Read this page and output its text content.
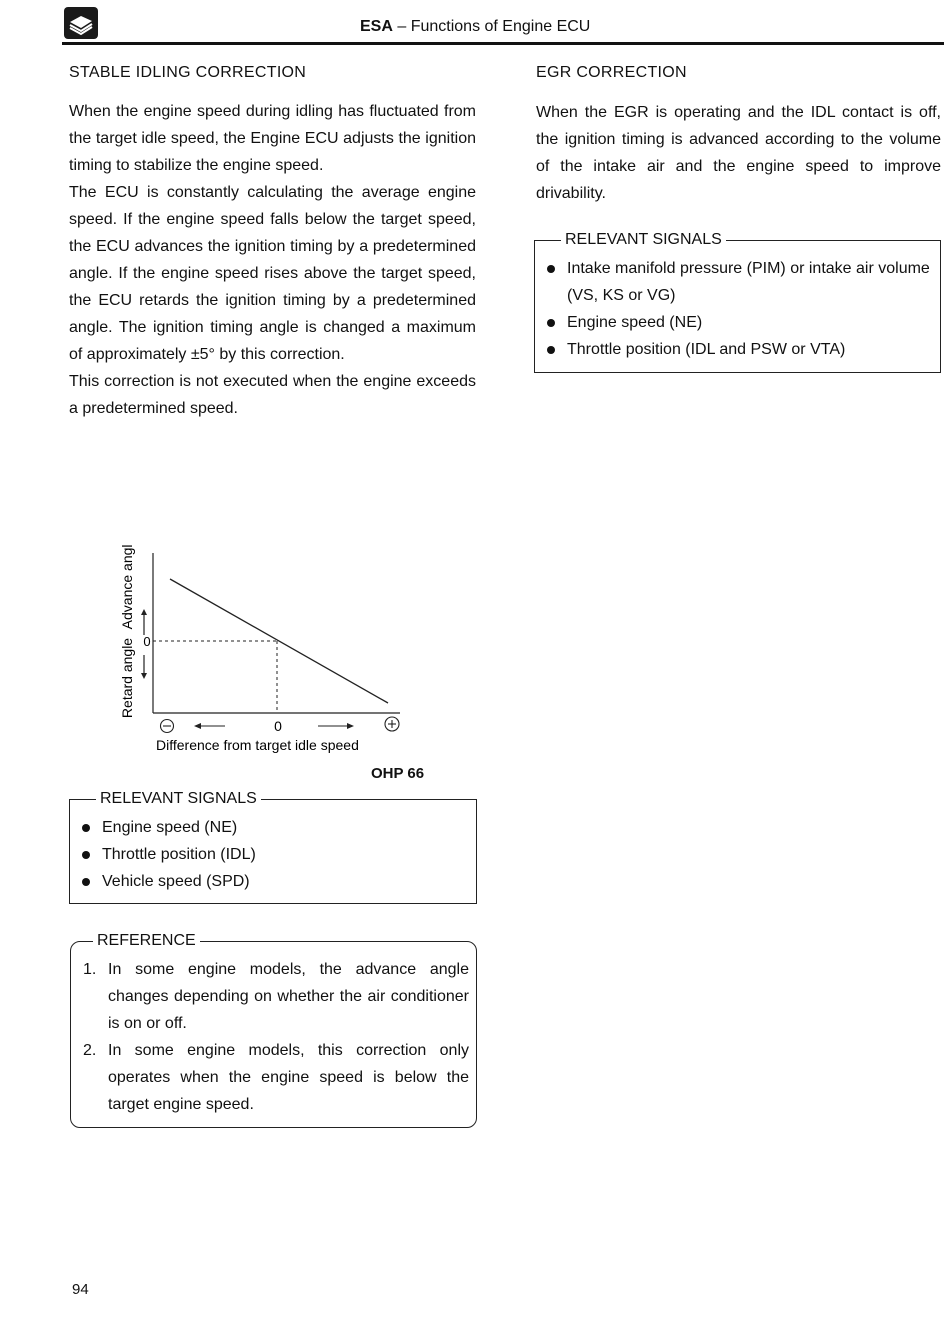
ESA – Functions of Engine ECU
STABLE IDLING CORRECTION
When the engine speed during idling has fluctuated from the target idle speed, the Engine ECU adjusts the ignition timing to stabilize the engine speed.
The ECU is constantly calculating the average engine speed. If the engine speed falls below the target speed, the ECU advances the ignition timing by a predetermined angle. If the engine speed rises above the target speed, the ECU retards the ignition timing by a predetermined angle. The ignition timing angle is changed a maximum of approximately ±5° by this correction.
This correction is not executed when the engine exceeds a predetermined speed.
EGR CORRECTION
When the EGR is operating and the IDL contact is off, the ignition timing is advanced according to the volume of the intake air and the engine speed to improve drivability.
RELEVANT SIGNALS
Intake manifold pressure (PIM) or intake air volume (VS, KS or VG)
Engine speed (NE)
Throttle position (IDL and PSW or VTA)
Advance angle
Retard angle 0
0
Difference from target idle speed
OHP 66
RELEVANT SIGNALS
Engine speed (NE)
Throttle position (IDL)
Vehicle speed (SPD)
REFERENCE
1. In some engine models, the advance angle changes depending on whether the air conditioner is on or off.
2. In some engine models, this correction only operates when the engine speed is below the target engine speed.
94
